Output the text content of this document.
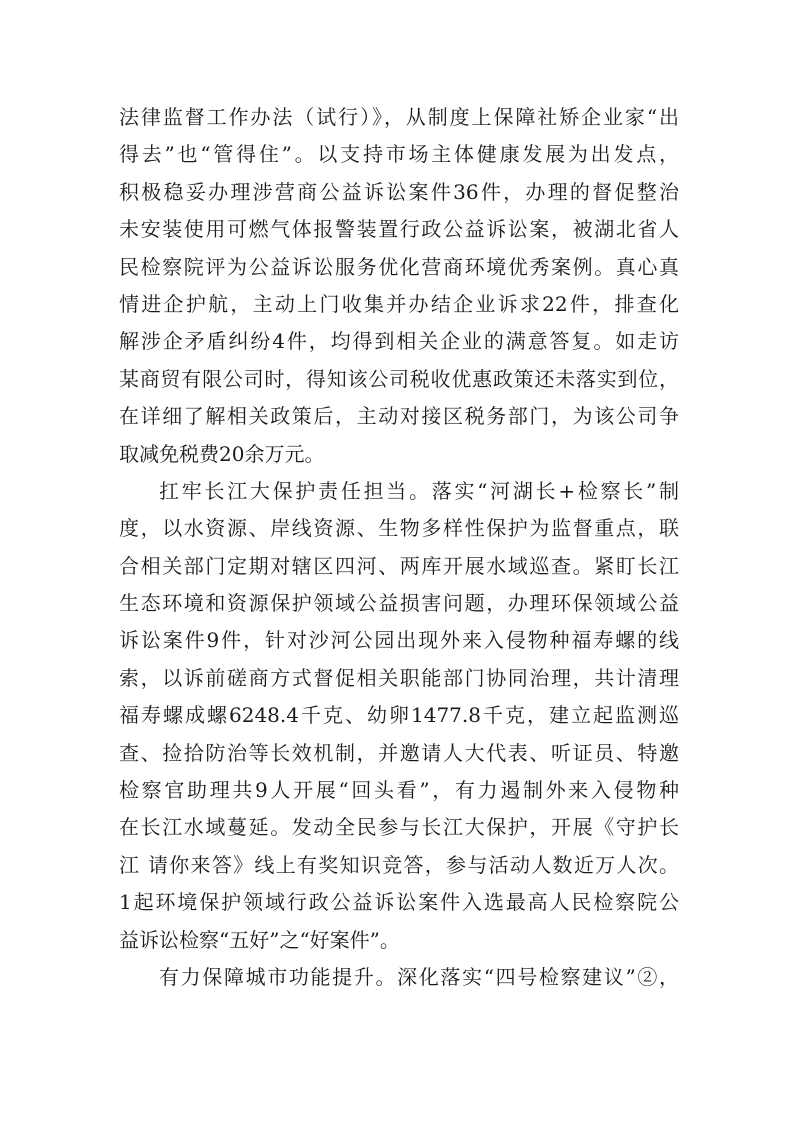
法律监督工作办法（试行）》，从制度上保障社矫企业家“出
得去”也“管得住”。以支持市场主体健康发展为出发点，
积极稳妥办理涉营商公益诉讼案件36件，办理的督促整治
未安装使用可燃气体报警装置行政公益诉讼案，被湖北省人
民检察院评为公益诉讼服务优化营商环境优秀案例。真心真
情进企护航，主动上门收集并办结企业诉求22件，排查化
解涉企矛盾纠纷4件，均得到相关企业的满意答复。如走访
某商贸有限公司时，得知该公司税收优惠政策还未落实到位，
在详细了解相关政策后，主动对接区税务部门，为该公司争
取减免税费20余万元。
扛牢长江大保护责任担当。落实“河湖长+检察长”制
度，以水资源、岸线资源、生物多样性保护为监督重点，联
合相关部门定期对辖区四河、两库开展水域巡查。紧盯长江
生态环境和资源保护领域公益损害问题，办理环保领域公益
诉讼案件9件，针对沙河公园出现外来入侵物种福寿螺的线
索，以诉前磋商方式督促相关职能部门协同治理，共计清理
福寿螺成螺6248.4千克、幼卵1477.8千克，建立起监测巡
查、捡拾防治等长效机制，并邀请人大代表、听证员、特邀
检察官助理共9人开展“回头看”，有力遏制外来入侵物种
在长江水域蔓延。发动全民参与长江大保护，开展《守护长
江 请你来答》线上有奖知识竞答，参与活动人数近万人次。
1起环境保护领域行政公益诉讼案件入选最高人民检察院公
益诉讼检察“五好”之“好案件”。
有力保障城市功能提升。深化落实“四号检察建议”②，
